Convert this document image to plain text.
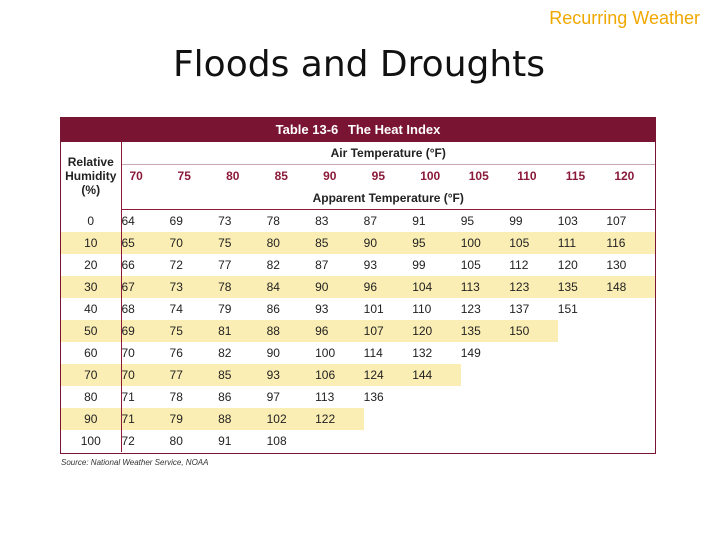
Recurring Weather
Floods and Droughts
Table 13-6 The Heat Index
Relative
Humidity
(%)	Air Temperature (°F)										
	70	75	80	85	90	95	100	105	110	115	120
	Apparent Temperature (°F)										
0	64	69	73	78	83	87	91	95	99	103	107
10	65	70	75	80	85	90	95	100	105	111	116
20	66	72	77	82	87	93	99	105	112	120	130
30	67	73	78	84	90	96	104	113	123	135	148
40	68	74	79	86	93	101	110	123	137	151	
50	69	75	81	88	96	107	120	135	150		
60	70	76	82	90	100	114	132	149			
70	70	77	85	93	106	124	144				
80	71	78	86	97	113	136					
90	71	79	88	102	122						
100	72	80	91	108							
Source: National Weather Service, NOAA
